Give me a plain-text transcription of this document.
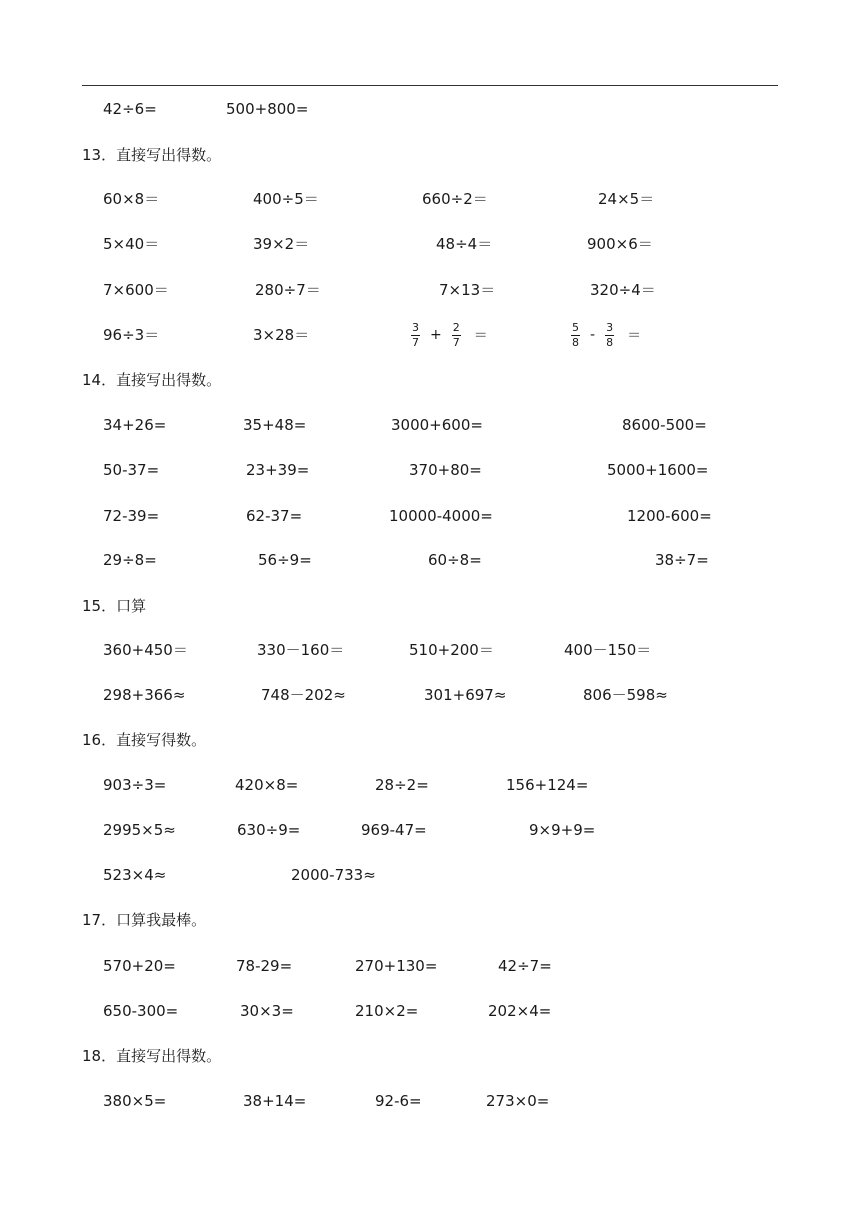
42÷6=	500+800=
13．直接写出得数。
60×8＝	400÷5＝	660÷2＝	24×5＝
5×40＝	39×2＝	48÷4＝	900×6＝
7×600＝	280÷7＝	7×13＝	320÷4＝
96÷3＝	3×28＝	$\frac{3}{7} + \frac{2}{7}$ ＝	$\frac{5}{8} - \frac{3}{8}$ ＝
14．直接写出得数。
34+26=	35+48=	3000+600=	8600-500=
50-37=	23+39=	370+80=	5000+1600=
72-39=	62-37=	10000-4000=	1200-600=
29÷8=	56÷9=	60÷8=	38÷7=
15．口算
360+450＝	330－160＝	510+200＝	400－150＝
298+366≈	748－202≈	301+697≈	806－598≈
16．直接写得数。
903÷3=	420×8=	28÷2=	156+124=
2995×5≈	630÷9=	969-47=	9×9+9=
523×4≈	2000-733≈
17．口算我最棒。
570+20=	78-29=	270+130=	42÷7=
650-300=	30×3=	210×2=	202×4=
18．直接写出得数。
380×5=	38+14=	92-6=	273×0=
